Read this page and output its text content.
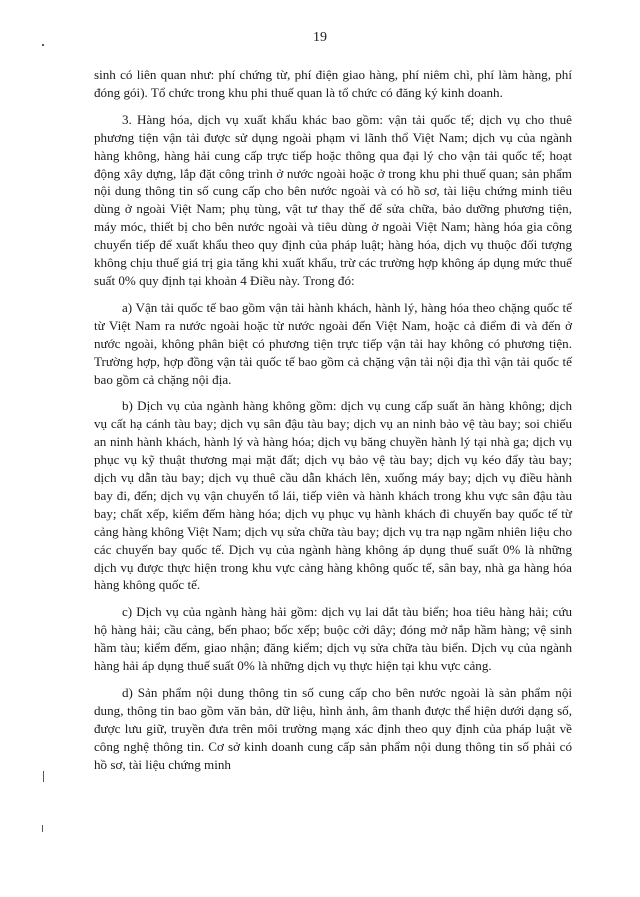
19

sinh có liên quan như: phí chứng từ, phí điện giao hàng, phí niêm chì, phí làm hàng, phí đóng gói). Tổ chức trong khu phi thuế quan là tổ chức có đăng ký kinh doanh.

3. Hàng hóa, dịch vụ xuất khẩu khác bao gồm: vận tải quốc tế; dịch vụ cho thuê phương tiện vận tải được sử dụng ngoài phạm vi lãnh thổ Việt Nam; dịch vụ của ngành hàng không, hàng hải cung cấp trực tiếp hoặc thông qua đại lý cho vận tải quốc tế; hoạt động xây dựng, lắp đặt công trình ở nước ngoài hoặc ở trong khu phi thuế quan; sản phẩm nội dung thông tin số cung cấp cho bên nước ngoài và có hồ sơ, tài liệu chứng minh tiêu dùng ở ngoài Việt Nam; phụ tùng, vật tư thay thế để sửa chữa, bảo dưỡng phương tiện, máy móc, thiết bị cho bên nước ngoài và tiêu dùng ở ngoài Việt Nam; hàng hóa gia công chuyển tiếp để xuất khẩu theo quy định của pháp luật; hàng hóa, dịch vụ thuộc đối tượng không chịu thuế giá trị gia tăng khi xuất khẩu, trừ các trường hợp không áp dụng mức thuế suất 0% quy định tại khoản 4 Điều này. Trong đó:

a) Vận tải quốc tế bao gồm vận tải hành khách, hành lý, hàng hóa theo chặng quốc tế từ Việt Nam ra nước ngoài hoặc từ nước ngoài đến Việt Nam, hoặc cả điểm đi và đến ở nước ngoài, không phân biệt có phương tiện trực tiếp vận tải hay không có phương tiện. Trường hợp, hợp đồng vận tải quốc tế bao gồm cả chặng vận tải nội địa thì vận tải quốc tế bao gồm cả chặng nội địa.

b) Dịch vụ của ngành hàng không gồm: dịch vụ cung cấp suất ăn hàng không; dịch vụ cất hạ cánh tàu bay; dịch vụ sân đậu tàu bay; dịch vụ an ninh bảo vệ tàu bay; soi chiếu an ninh hành khách, hành lý và hàng hóa; dịch vụ băng chuyền hành lý tại nhà ga; dịch vụ phục vụ kỹ thuật thương mại mặt đất; dịch vụ bảo vệ tàu bay; dịch vụ kéo đẩy tàu bay; dịch vụ dẫn tàu bay; dịch vụ thuê cầu dẫn khách lên, xuống máy bay; dịch vụ điều hành bay đi, đến; dịch vụ vận chuyển tổ lái, tiếp viên và hành khách trong khu vực sân đậu tàu bay; chất xếp, kiểm đếm hàng hóa; dịch vụ phục vụ hành khách đi chuyến bay quốc tế từ cảng hàng không Việt Nam; dịch vụ sửa chữa tàu bay; dịch vụ tra nạp ngầm nhiên liệu cho các chuyến bay quốc tế. Dịch vụ của ngành hàng không áp dụng thuế suất 0% là những dịch vụ được thực hiện trong khu vực cảng hàng không quốc tế, sân bay, nhà ga hàng hóa hàng không quốc tế.

c) Dịch vụ của ngành hàng hải gồm: dịch vụ lai dắt tàu biển; hoa tiêu hàng hải; cứu hộ hàng hải; cầu cảng, bến phao; bốc xếp; buộc cởi dây; đóng mở nắp hầm hàng; vệ sinh hầm tàu; kiểm đếm, giao nhận; đăng kiểm; dịch vụ sửa chữa tàu biển. Dịch vụ của ngành hàng hải áp dụng thuế suất 0% là những dịch vụ thực hiện tại khu vực cảng.

d) Sản phẩm nội dung thông tin số cung cấp cho bên nước ngoài là sản phẩm nội dung, thông tin bao gồm văn bản, dữ liệu, hình ảnh, âm thanh được thể hiện dưới dạng số, được lưu giữ, truyền đưa trên môi trường mạng xác định theo quy định của pháp luật về công nghệ thông tin. Cơ sở kinh doanh cung cấp sản phẩm nội dung thông tin số phải có hồ sơ, tài liệu chứng minh
